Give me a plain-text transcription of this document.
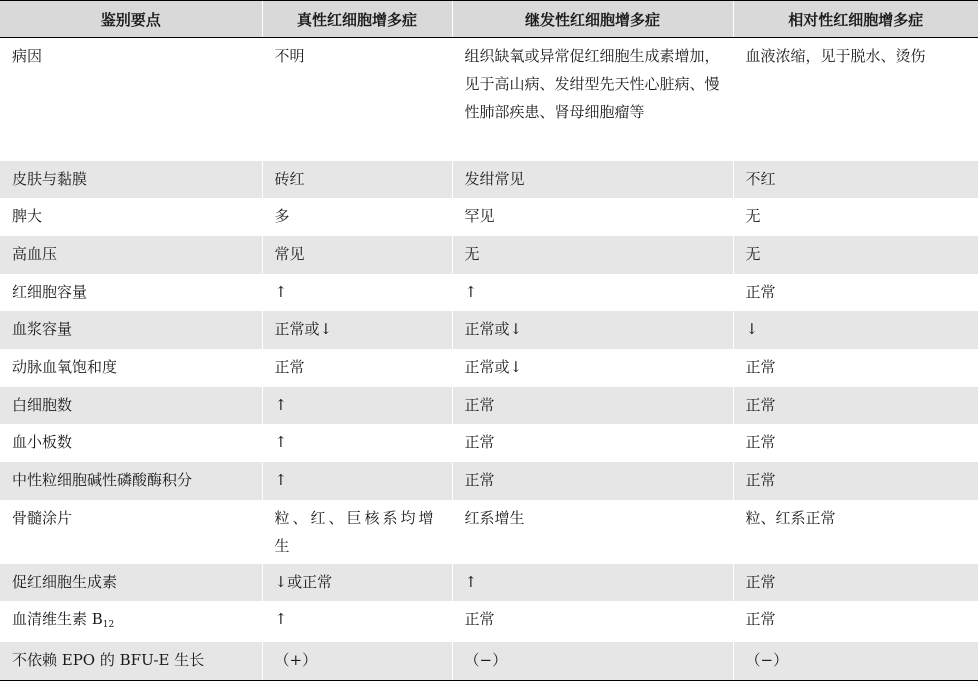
鉴别要点	真性红细胞增多症	继发性红细胞增多症	相对性红细胞增多症
病因	不明	组织缺氧或异常促红细胞生成素增加，见于高山病、发绀型先天性心脏病、慢性肺部疾患、肾母细胞瘤等	血液浓缩，见于脱水、烫伤
皮肤与黏膜	砖红	发绀常见	不红
脾大	多	罕见	无
高血压	常见	无	无
红细胞容量	↑	↑	正常
血浆容量	正常或↓	正常或↓	↓
动脉血氧饱和度	正常	正常或↓	正常
白细胞数	↑	正常	正常
血小板数	↑	正常	正常
中性粒细胞碱性磷酸酶积分	↑	正常	正常
骨髓涂片	粒、红、巨核系均增生	红系增生	粒、红系正常
促红细胞生成素	↓或正常	↑	正常
血清维生素 $B_{12}$	↑	正常	正常
不依赖 EPO 的 BFU-E 生长	（+）	（−）	（−）
